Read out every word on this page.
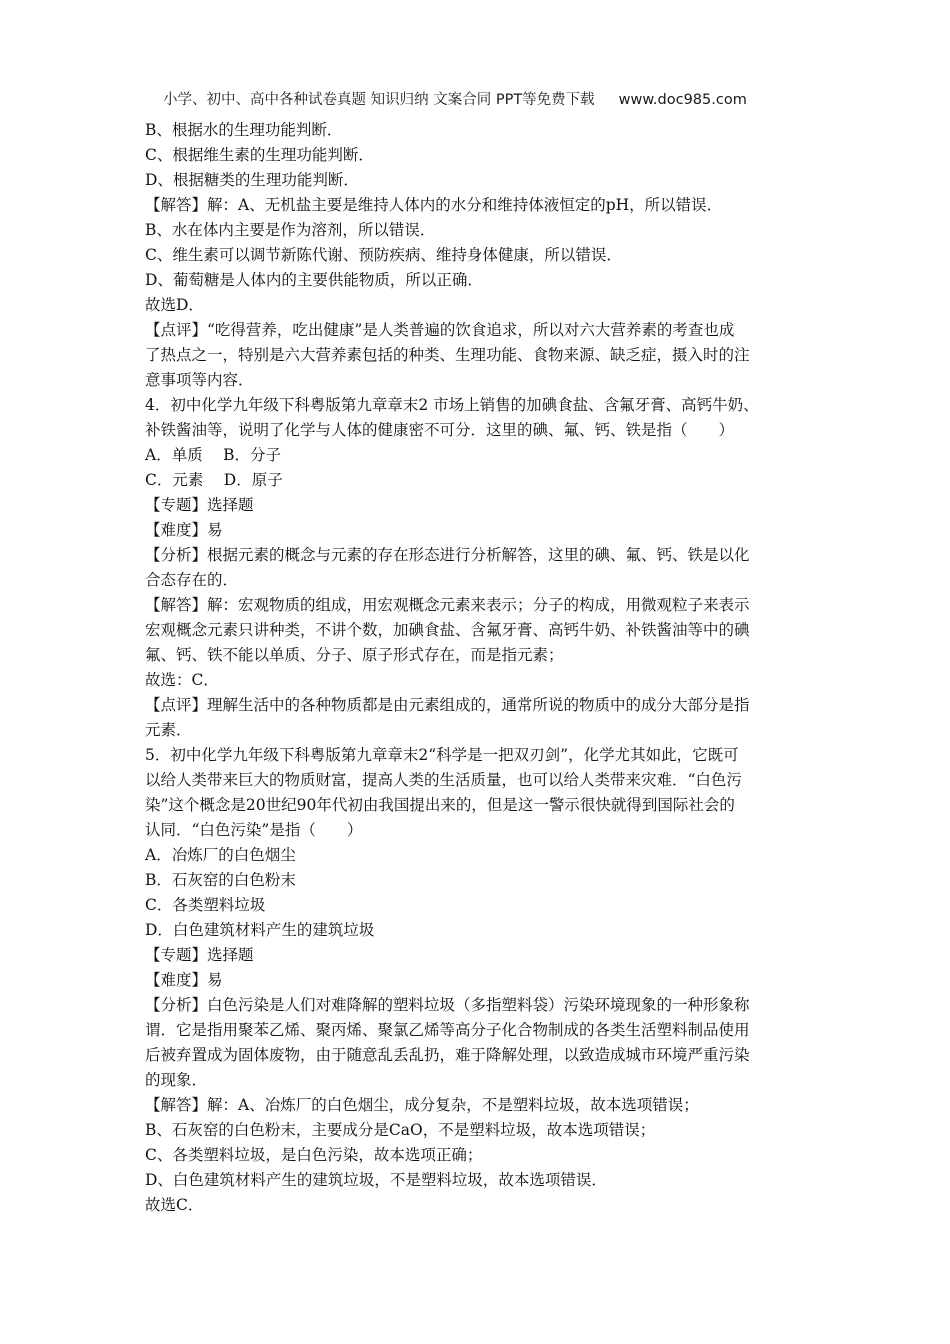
小学、初中、高中各种试卷真题 知识归纳 文案合同 PPT等免费下载 www.doc985.com
B、根据水的生理功能判断．
C、根据维生素的生理功能判断．
D、根据糖类的生理功能判断．
【解答】解：A、无机盐主要是维持人体内的水分和维持体液恒定的pH，所以错误．
B、水在体内主要是作为溶剂，所以错误．
C、维生素可以调节新陈代谢、预防疾病、维持身体健康，所以错误．
D、葡萄糖是人体内的主要供能物质，所以正确．
故选D．
【点评】“吃得营养，吃出健康”是人类普遍的饮食追求，所以对六大营养素的考查也成
了热点之一，特别是六大营养素包括的种类、生理功能、食物来源、缺乏症，摄入时的注
意事项等内容．
4．初中化学九年级下科粤版第九章章末2 市场上销售的加碘食盐、含氟牙膏、高钙牛奶、
补铁酱油等，说明了化学与人体的健康密不可分．这里的碘、氟、钙、铁是指（　　）
A．单质　 B．分子
C．元素　 D．原子
【专题】选择题
【难度】易
【分析】根据元素的概念与元素的存在形态进行分析解答，这里的碘、氟、钙、铁是以化
合态存在的．
【解答】解：宏观物质的组成，用宏观概念元素来表示；分子的构成，用微观粒子来表示
宏观概念元素只讲种类，不讲个数，加碘食盐、含氟牙膏、高钙牛奶、补铁酱油等中的碘
氟、钙、铁不能以单质、分子、原子形式存在，而是指元素；
故选：C．
【点评】理解生活中的各种物质都是由元素组成的，通常所说的物质中的成分大部分是指
元素．
5．初中化学九年级下科粤版第九章章末2“科学是一把双刃剑”，化学尤其如此，它既可
以给人类带来巨大的物质财富，提高人类的生活质量，也可以给人类带来灾难．“白色污
染”这个概念是20世纪90年代初由我国提出来的，但是这一警示很快就得到国际社会的
认同．“白色污染”是指（　　）
A．冶炼厂的白色烟尘
B．石灰窑的白色粉末
C．各类塑料垃圾
D．白色建筑材料产生的建筑垃圾
【专题】选择题
【难度】易
【分析】白色污染是人们对难降解的塑料垃圾（多指塑料袋）污染环境现象的一种形象称
谓．它是指用聚苯乙烯、聚丙烯、聚氯乙烯等高分子化合物制成的各类生活塑料制品使用
后被弃置成为固体废物，由于随意乱丢乱扔，难于降解处理，以致造成城市环境严重污染
的现象．
【解答】解：A、冶炼厂的白色烟尘，成分复杂，不是塑料垃圾，故本选项错误；
B、石灰窑的白色粉末，主要成分是CaO，不是塑料垃圾，故本选项错误；
C、各类塑料垃圾，是白色污染，故本选项正确；
D、白色建筑材料产生的建筑垃圾，不是塑料垃圾，故本选项错误．
故选C．
